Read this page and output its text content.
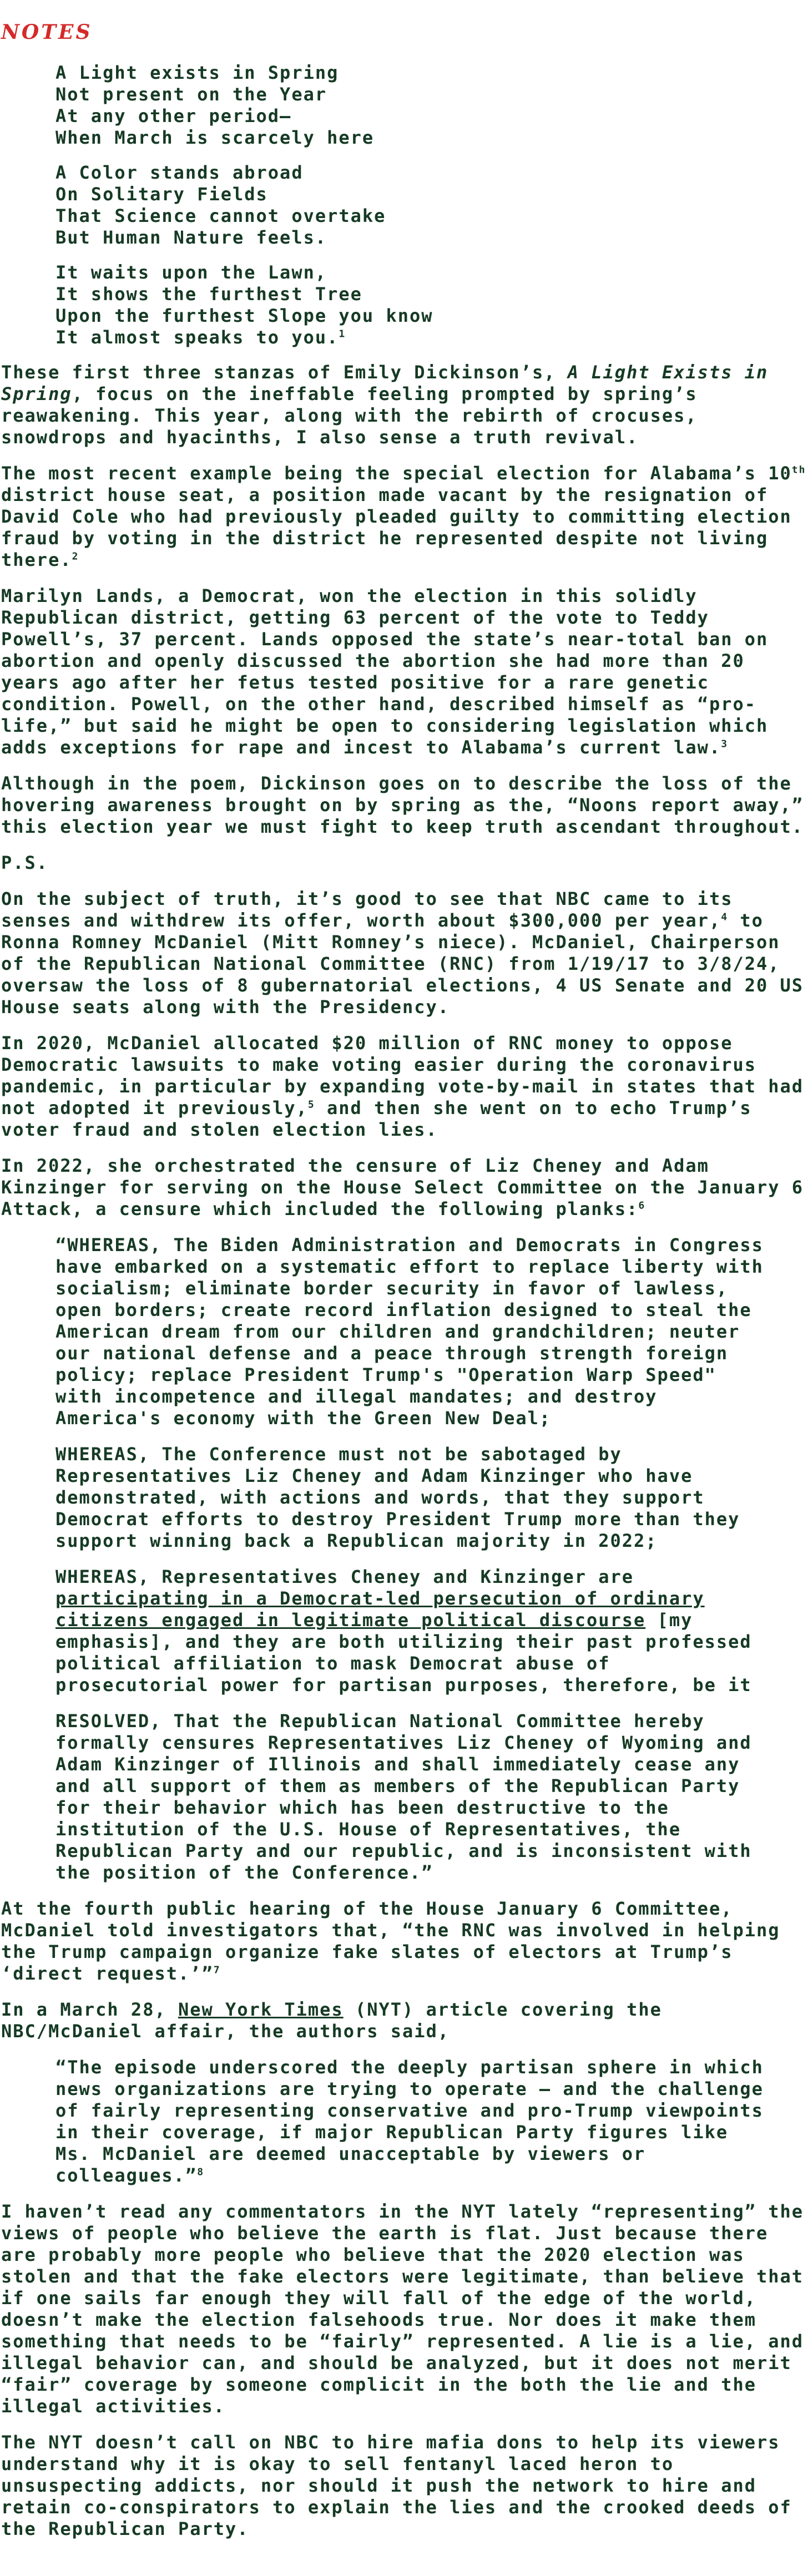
NOTES
A Light exists in Spring
Not present on the Year
At any other period—
When March is scarcely here
A Color stands abroad
On Solitary Fields
That Science cannot overtake
But Human Nature feels.
It waits upon the Lawn,
It shows the furthest Tree
Upon the furthest Slope you know
It almost speaks to you.$^1$

These first three stanzas of Emily Dickinson’s, A Light Exists in Spring, focus on the ineffable feeling prompted by spring’s reawakening. This year, along with the rebirth of crocuses, snowdrops and hyacinths, I also sense a truth revival.

The most recent example being the special election for Alabama’s 10th district house seat, a position made vacant by the resignation of David Cole who had previously pleaded guilty to committing election fraud by voting in the district he represented despite not living there.$^2$

Marilyn Lands, a Democrat, won the election in this solidly Republican district, getting 63 percent of the vote to Teddy Powell’s, 37 percent. Lands opposed the state’s near-total ban on abortion and openly discussed the abortion she had more than 20 years ago after her fetus tested positive for a rare genetic condition. Powell, on the other hand, described himself as “pro-life,” but said he might be open to considering legislation which adds exceptions for rape and incest to Alabama’s current law.$^3$

Although in the poem, Dickinson goes on to describe the loss of the hovering awareness brought on by spring as the, “Noons report away,” this election year we must fight to keep truth ascendant throughout.

P.S.

On the subject of truth, it’s good to see that NBC came to its senses and withdrew its offer, worth about $300,000 per year,$^4$ to Ronna Romney McDaniel (Mitt Romney’s niece). McDaniel, Chairperson of the Republican National Committee (RNC) from 1/19/17 to 3/8/24, oversaw the loss of 8 gubernatorial elections, 4 US Senate and 20 US House seats along with the Presidency.

In 2020, McDaniel allocated $20 million of RNC money to oppose Democratic lawsuits to make voting easier during the coronavirus pandemic, in particular by expanding vote-by-mail in states that had not adopted it previously,$^5$ and then she went on to echo Trump’s voter fraud and stolen election lies.

In 2022, she orchestrated the censure of Liz Cheney and Adam Kinzinger for serving on the House Select Committee on the January 6 Attack, a censure which included the following planks:$^6$

“WHEREAS, The Biden Administration and Democrats in Congress have embarked on a systematic effort to replace liberty with socialism; eliminate border security in favor of lawless, open borders; create record inflation designed to steal the American dream from our children and grandchildren; neuter our national defense and a peace through strength foreign policy; replace President Trump's "Operation Warp Speed" with incompetence and illegal mandates; and destroy America's economy with the Green New Deal;

WHEREAS, The Conference must not be sabotaged by Representatives Liz Cheney and Adam Kinzinger who have demonstrated, with actions and words, that they support Democrat efforts to destroy President Trump more than they support winning back a Republican majority in 2022;

WHEREAS, Representatives Cheney and Kinzinger are participating in a Democrat-led persecution of ordinary citizens engaged in legitimate political discourse [my emphasis], and they are both utilizing their past professed political affiliation to mask Democrat abuse of prosecutorial power for partisan purposes, therefore, be it

RESOLVED, That the Republican National Committee hereby formally censures Representatives Liz Cheney of Wyoming and Adam Kinzinger of Illinois and shall immediately cease any and all support of them as members of the Republican Party for their behavior which has been destructive to the institution of the U.S. House of Representatives, the Republican Party and our republic, and is inconsistent with the position of the Conference.”

At the fourth public hearing of the House January 6 Committee, McDaniel told investigators that, “the RNC was involved in helping the Trump campaign organize fake slates of electors at Trump’s ‘direct request.’”$^7$

In a March 28, New York Times (NYT) article covering the NBC/McDaniel affair, the authors said,

“The episode underscored the deeply partisan sphere in which news organizations are trying to operate — and the challenge of fairly representing conservative and pro-Trump viewpoints in their coverage, if major Republican Party figures like Ms. McDaniel are deemed unacceptable by viewers or colleagues.”$^8$

I haven’t read any commentators in the NYT lately “representing” the views of people who believe the earth is flat. Just because there are probably more people who believe that the 2020 election was stolen and that the fake electors were legitimate, than believe that if one sails far enough they will fall of the edge of the world, doesn’t make the election falsehoods true. Nor does it make them something that needs to be “fairly” represented. A lie is a lie, and illegal behavior can, and should be analyzed, but it does not merit “fair” coverage by someone complicit in the both the lie and the illegal activities.

The NYT doesn’t call on NBC to hire mafia dons to help its viewers understand why it is okay to sell fentanyl laced heron to unsuspecting addicts, nor should it push the network to hire and retain co-conspirators to explain the lies and the crooked deeds of the Republican Party.
